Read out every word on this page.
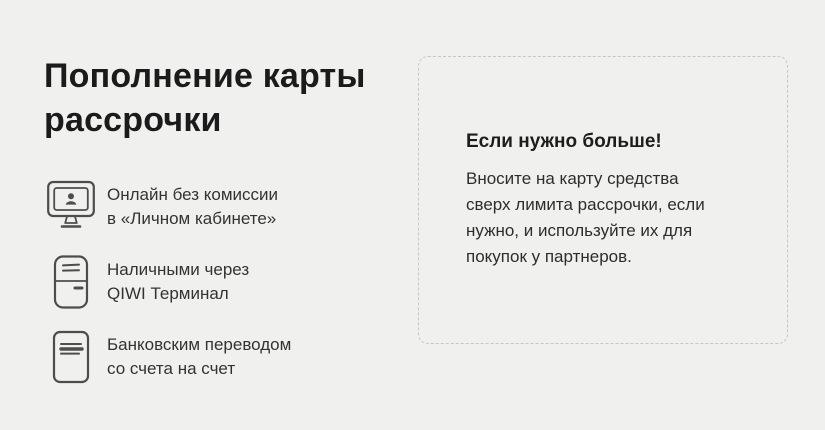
Пополнение карты рассрочки
Онлайн без комиссии
в «Личном кабинете»
Наличными через
QIWI Терминал
Банковским переводом
со счета на счет
Если нужно больше!

Вносите на карту средства сверх лимита рассрочки, если нужно, и используйте их для покупок у партнеров.
